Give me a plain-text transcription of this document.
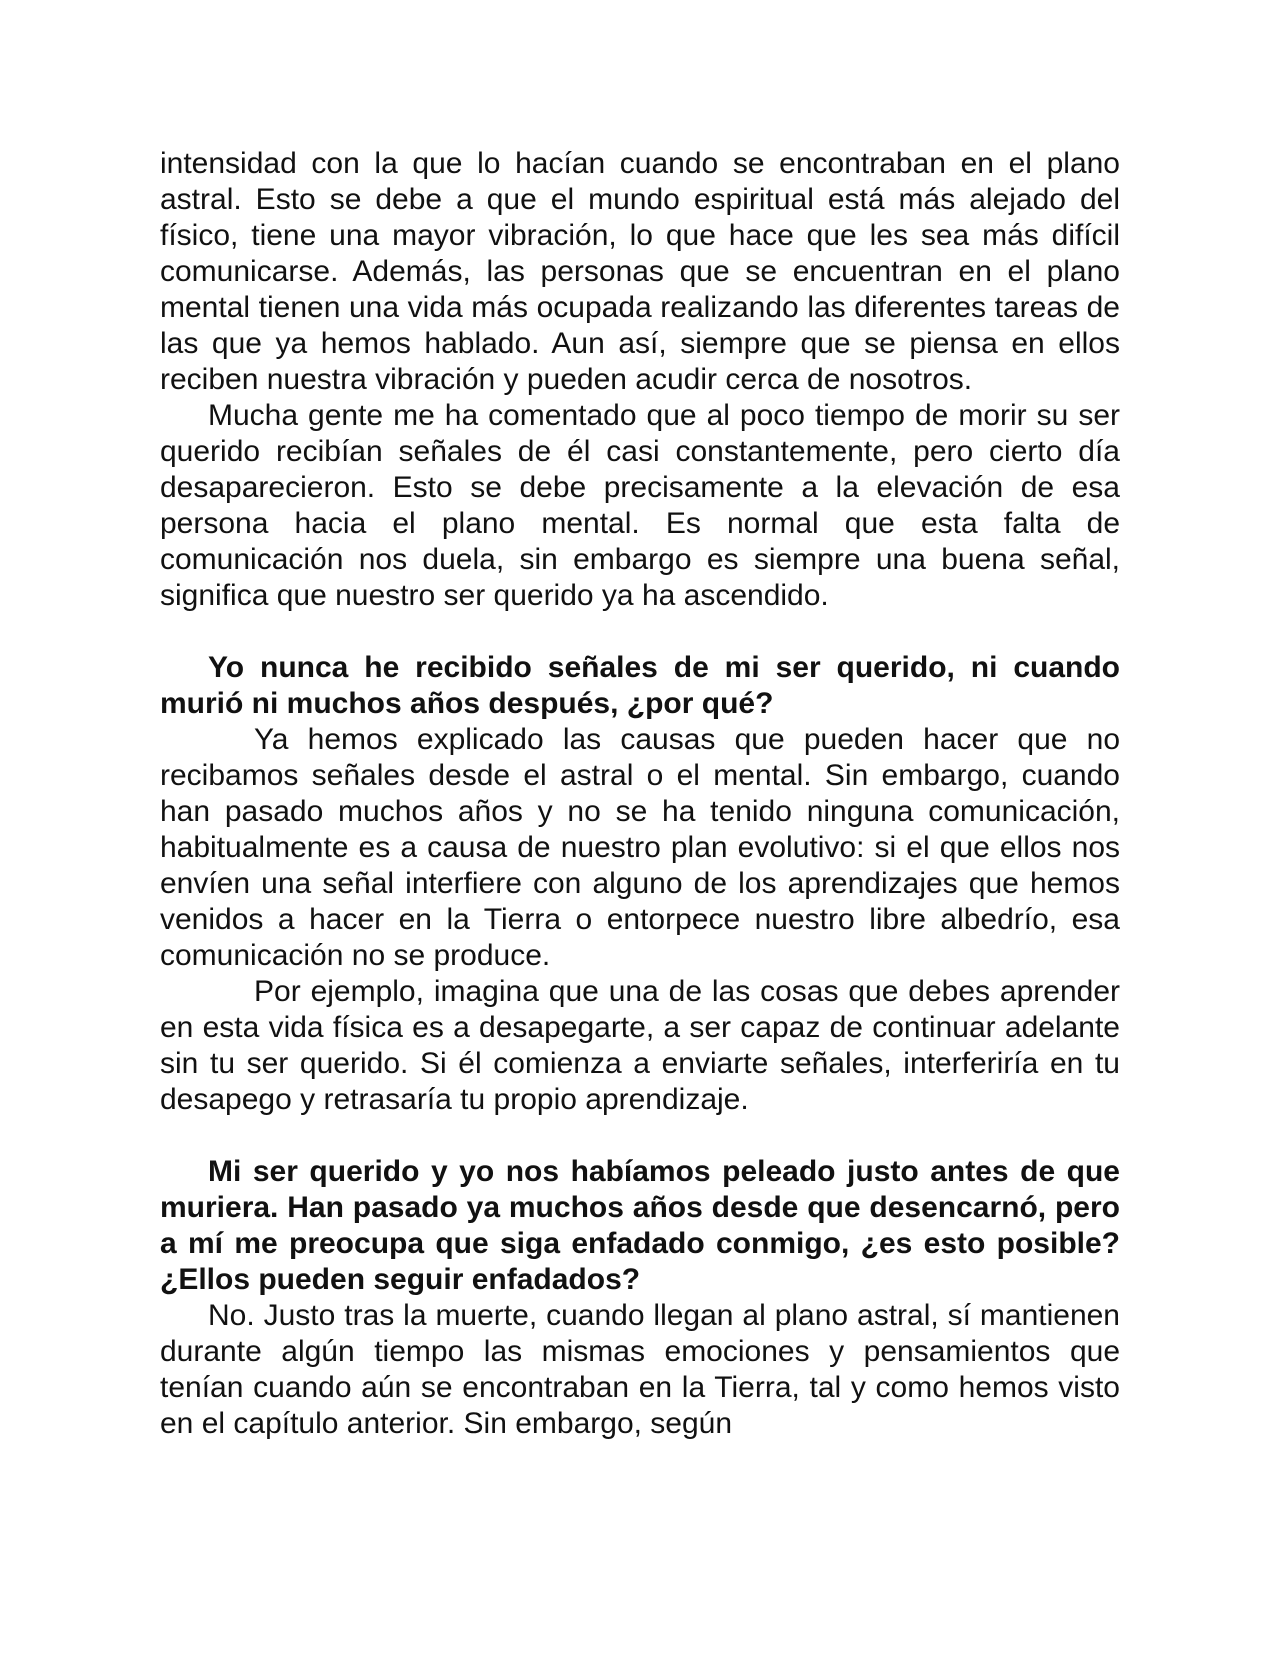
intensidad con la que lo hacían cuando se encontraban en el plano astral. Esto se debe a que el mundo espiritual está más alejado del físico, tiene una mayor vibración, lo que hace que les sea más difícil comunicarse. Además, las personas que se encuentran en el plano mental tienen una vida más ocupada realizando las diferentes tareas de las que ya hemos hablado. Aun así, siempre que se piensa en ellos reciben nuestra vibración y pueden acudir cerca de nosotros.

Mucha gente me ha comentado que al poco tiempo de morir su ser querido recibían señales de él casi constantemente, pero cierto día desaparecieron. Esto se debe precisamente a la elevación de esa persona hacia el plano mental. Es normal que esta falta de comunicación nos duela, sin embargo es siempre una buena señal, significa que nuestro ser querido ya ha ascendido.

Yo nunca he recibido señales de mi ser querido, ni cuando murió ni muchos años después, ¿por qué?

Ya hemos explicado las causas que pueden hacer que no recibamos señales desde el astral o el mental. Sin embargo, cuando han pasado muchos años y no se ha tenido ninguna comunicación, habitualmente es a causa de nuestro plan evolutivo: si el que ellos nos envíen una señal interfiere con alguno de los aprendizajes que hemos venidos a hacer en la Tierra o entorpece nuestro libre albedrío, esa comunicación no se produce.

Por ejemplo, imagina que una de las cosas que debes aprender en esta vida física es a desapegarte, a ser capaz de continuar adelante sin tu ser querido. Si él comienza a enviarte señales, interferiría en tu desapego y retrasaría tu propio aprendizaje.

Mi ser querido y yo nos habíamos peleado justo antes de que muriera. Han pasado ya muchos años desde que desencarnó, pero a mí me preocupa que siga enfadado conmigo, ¿es esto posible? ¿Ellos pueden seguir enfadados?

No. Justo tras la muerte, cuando llegan al plano astral, sí mantienen durante algún tiempo las mismas emociones y pensamientos que tenían cuando aún se encontraban en la Tierra, tal y como hemos visto en el capítulo anterior. Sin embargo, según
